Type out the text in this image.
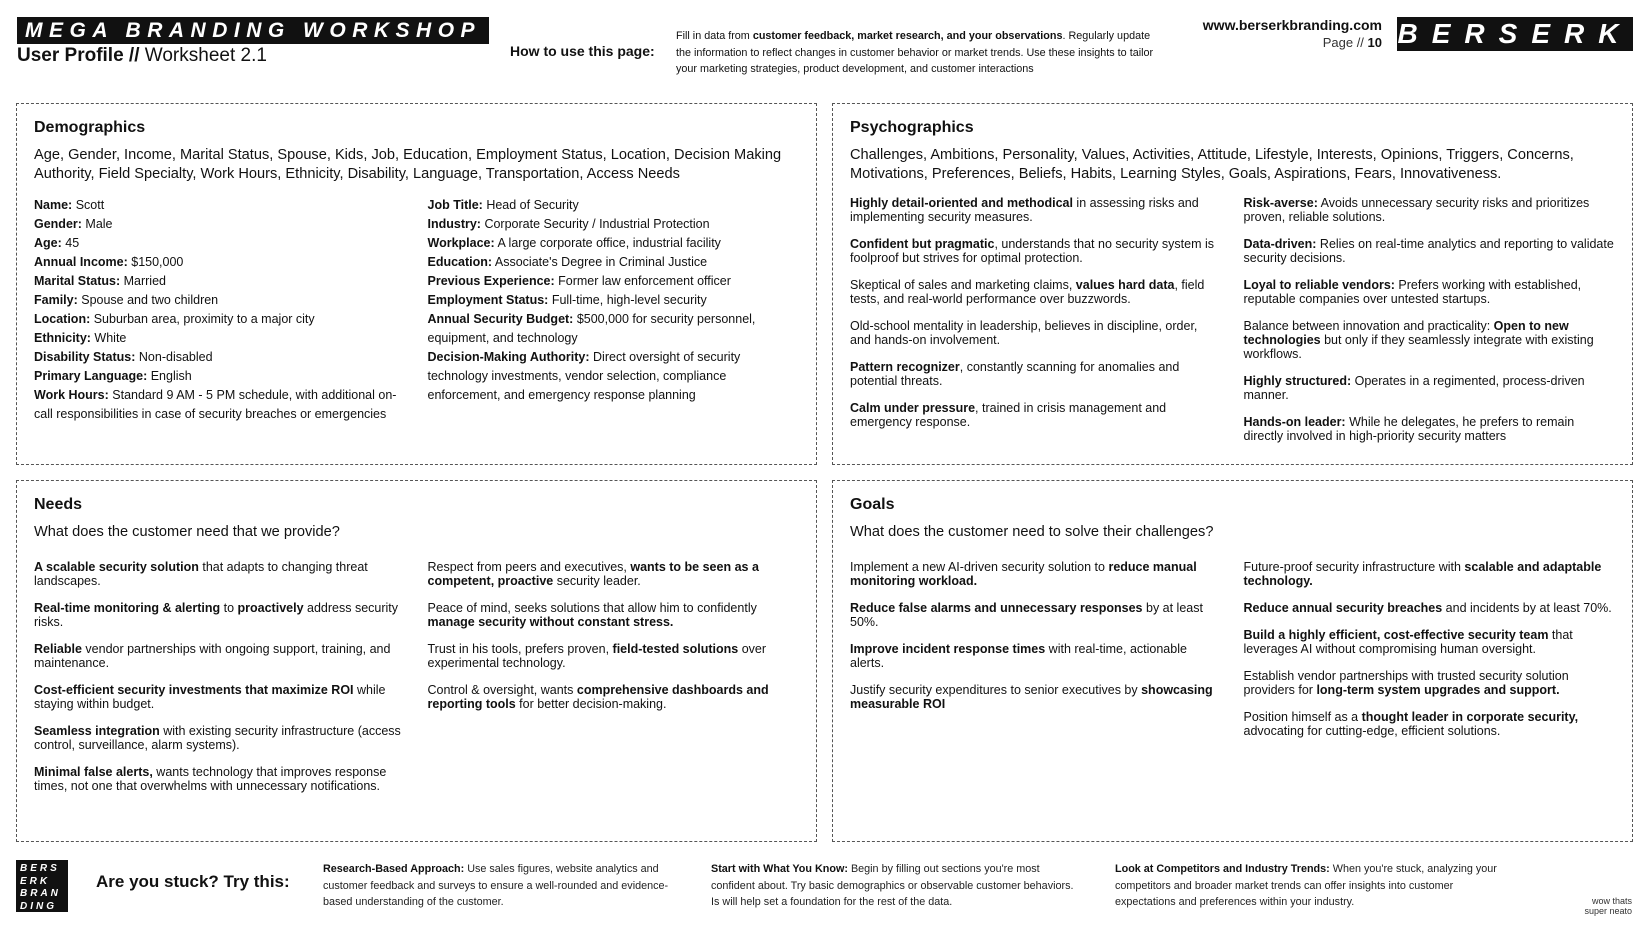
MEGA BRANDING WORKSHOP
User Profile // Worksheet 2.1	How to use this page:
Fill in data from customer feedback, market research, and your observations. Regularly update the information to reflect changes in customer behavior or market trends. Use these insights to tailor your marketing strategies, product development, and customer interactions
www.berserkbranding.com
Page // 10 BERSERK
Demographics
Age, Gender, Income, Marital Status, Spouse, Kids, Job, Education, Employment Status, Location, Decision Making Authority, Field Specialty, Work Hours, Ethnicity, Disability, Language, Transportation, Access Needs
Name: Scott
Gender: Male
Age: 45
Annual Income: $150,000
Marital Status: Married
Family: Spouse and two children
Location: Suburban area, proximity to a major city
Ethnicity: White
Disability Status: Non-disabled
Primary Language: English
Work Hours: Standard 9 AM - 5 PM schedule, with additional on-call responsibilities in case of security breaches or emergencies
Job Title: Head of Security
Industry: Corporate Security / Industrial Protection
Workplace: A large corporate office, industrial facility
Education: Associate's Degree in Criminal Justice
Previous Experience: Former law enforcement officer
Employment Status: Full-time, high-level security
Annual Security Budget: $500,000 for security personnel, equipment, and technology
Decision-Making Authority: Direct oversight of security technology investments, vendor selection, compliance enforcement, and emergency response planning
Psychographics
Challenges, Ambitions, Personality, Values, Activities, Attitude, Lifestyle, Interests, Opinions, Triggers, Concerns, Motivations, Preferences, Beliefs, Habits, Learning Styles, Goals, Aspirations, Fears, Innovativeness.
Highly detail-oriented and methodical in assessing risks and implementing security measures.
Confident but pragmatic, understands that no security system is foolproof but strives for optimal protection.
Skeptical of sales and marketing claims, values hard data, field tests, and real-world performance over buzzwords.
Old-school mentality in leadership, believes in discipline, order, and hands-on involvement.
Pattern recognizer, constantly scanning for anomalies and potential threats.
Calm under pressure, trained in crisis management and emergency response.
Risk-averse: Avoids unnecessary security risks and prioritizes proven, reliable solutions.
Data-driven: Relies on real-time analytics and reporting to validate security decisions.
Loyal to reliable vendors: Prefers working with established, reputable companies over untested startups.
Balance between innovation and practicality: Open to new technologies but only if they seamlessly integrate with existing workflows.
Highly structured: Operates in a regimented, process-driven manner.
Hands-on leader: While he delegates, he prefers to remain directly involved in high-priority security matters
Needs
What does the customer need that we provide?
A scalable security solution that adapts to changing threat landscapes.
Real-time monitoring & alerting to proactively address security risks.
Reliable vendor partnerships with ongoing support, training, and maintenance.
Cost-efficient security investments that maximize ROI while staying within budget.
Seamless integration with existing security infrastructure (access control, surveillance, alarm systems).
Minimal false alerts, wants technology that improves response times, not one that overwhelms with unnecessary notifications.
Respect from peers and executives, wants to be seen as a competent, proactive security leader.
Peace of mind, seeks solutions that allow him to confidently manage security without constant stress.
Trust in his tools, prefers proven, field-tested solutions over experimental technology.
Control & oversight, wants comprehensive dashboards and reporting tools for better decision-making.
Goals
What does the customer need to solve their challenges?
Implement a new AI-driven security solution to reduce manual monitoring workload.
Reduce false alarms and unnecessary responses by at least 50%.
Improve incident response times with real-time, actionable alerts.
Justify security expenditures to senior executives by showcasing measurable ROI
Future-proof security infrastructure with scalable and adaptable technology.
Reduce annual security breaches and incidents by at least 70%.
Build a highly efficient, cost-effective security team that leverages AI without compromising human oversight.
Establish vendor partnerships with trusted security solution providers for long-term system upgrades and support.
Position himself as a thought leader in corporate security, advocating for cutting-edge, efficient solutions.
BERS
ERK
BRAN
DING
Are you stuck? Try this:
Research-Based Approach: Use sales figures, website analytics and customer feedback and surveys to ensure a well-rounded and evidence-based understanding of the customer.
Start with What You Know: Begin by filling out sections you're most confident about. Try basic demographics or observable customer behaviors. Is will help set a foundation for the rest of the data.
Look at Competitors and Industry Trends: When you're stuck, analyzing your competitors and broader market trends can offer insights into customer expectations and preferences within your industry.	wow thats
super neato
